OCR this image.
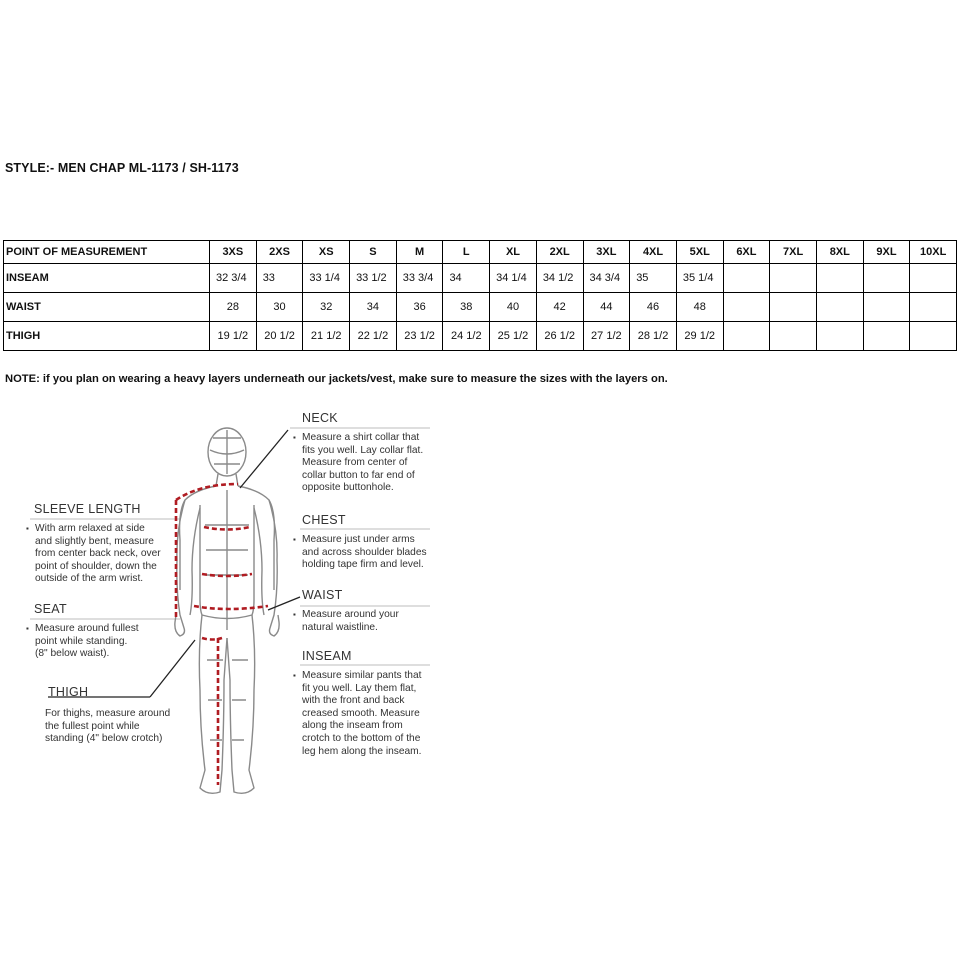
STYLE:- MEN CHAP ML-1173 / SH-1173
POINT OF MEASUREMENT	3XS	2XS	XS	S	M	L	XL	2XL	3XL	4XL	5XL	6XL	7XL	8XL	9XL	10XL
INSEAM	32 3/4	33	33 1/4	33 1/2	33 3/4	34	34 1/4	34 1/2	34 3/4	35	35 1/4					
WAIST	28	30	32	34	36	38	40	42	44	46	48					
THIGH	19 1/2	20 1/2	21 1/2	22 1/2	23 1/2	24 1/2	25 1/2	26 1/2	27 1/2	28 1/2	29 1/2					
NOTE: if you plan on wearing a heavy layers underneath our jackets/vest, make sure to measure the sizes with the layers on.
NECK
▪ Measure a shirt collar that
fits you well. Lay collar flat.
Measure from center of
collar button to far end of
opposite buttonhole.
CHEST
▪ Measure just under arms
and across shoulder blades
holding tape firm and level.
WAIST
▪ Measure around your
natural waistline.
INSEAM
▪ Measure similar pants that
fit you well. Lay them flat,
with the front and back
creased smooth. Measure
along the inseam from
crotch to the bottom of the
leg hem along the inseam.
SLEEVE LENGTH
▪ With arm relaxed at side
and slightly bent, measure
from center back neck, over
point of shoulder, down the
outside of the arm wrist.
SEAT
▪ Measure around fullest
point while standing.
(8" below waist).
THIGH
For thighs, measure around
the fullest point while
standing (4" below crotch)
